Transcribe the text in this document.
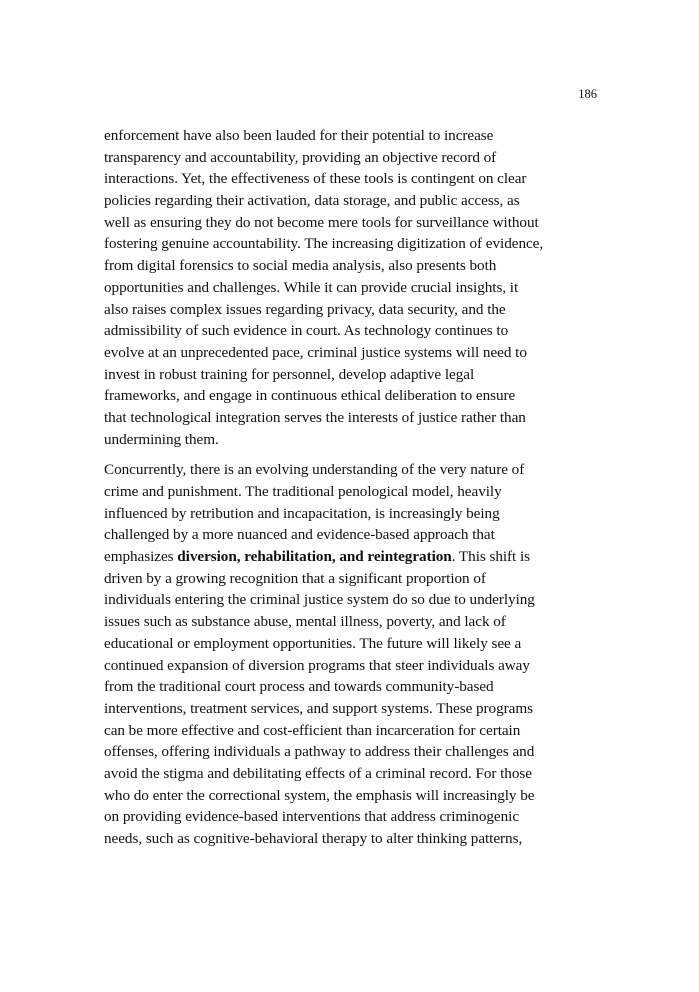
186

enforcement have also been lauded for their potential to increase
transparency and accountability, providing an objective record of
interactions. Yet, the effectiveness of these tools is contingent on clear
policies regarding their activation, data storage, and public access, as
well as ensuring they do not become mere tools for surveillance without
fostering genuine accountability. The increasing digitization of evidence,
from digital forensics to social media analysis, also presents both
opportunities and challenges. While it can provide crucial insights, it
also raises complex issues regarding privacy, data security, and the
admissibility of such evidence in court. As technology continues to
evolve at an unprecedented pace, criminal justice systems will need to
invest in robust training for personnel, develop adaptive legal
frameworks, and engage in continuous ethical deliberation to ensure
that technological integration serves the interests of justice rather than
undermining them.

Concurrently, there is an evolving understanding of the very nature of
crime and punishment. The traditional penological model, heavily
influenced by retribution and incapacitation, is increasingly being
challenged by a more nuanced and evidence-based approach that
emphasizes diversion, rehabilitation, and reintegration. This shift is
driven by a growing recognition that a significant proportion of
individuals entering the criminal justice system do so due to underlying
issues such as substance abuse, mental illness, poverty, and lack of
educational or employment opportunities. The future will likely see a
continued expansion of diversion programs that steer individuals away
from the traditional court process and towards community-based
interventions, treatment services, and support systems. These programs
can be more effective and cost-efficient than incarceration for certain
offenses, offering individuals a pathway to address their challenges and
avoid the stigma and debilitating effects of a criminal record. For those
who do enter the correctional system, the emphasis will increasingly be
on providing evidence-based interventions that address criminogenic
needs, such as cognitive-behavioral therapy to alter thinking patterns,
